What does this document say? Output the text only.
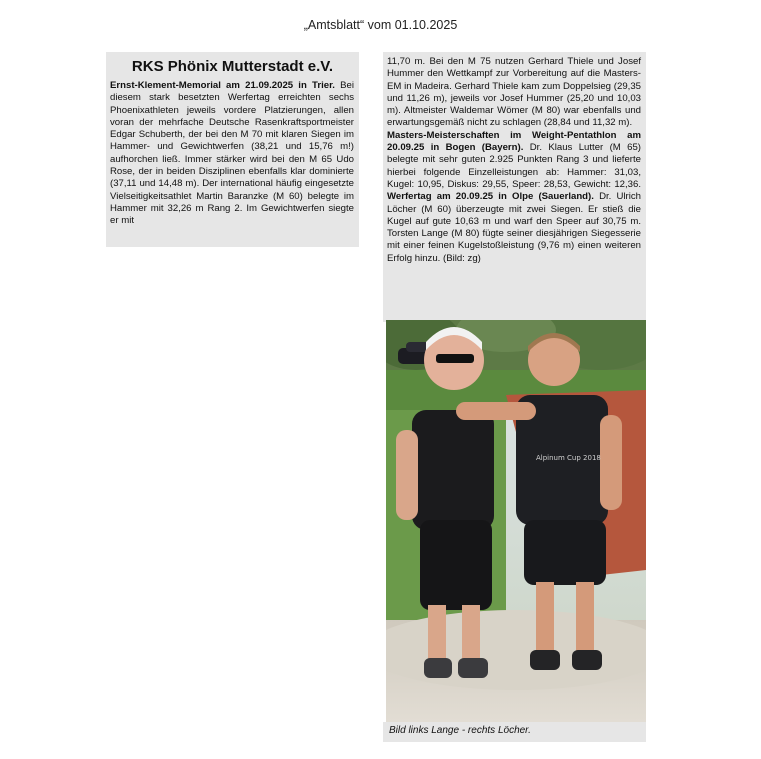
„Amtsblatt“ vom 01.10.2025
RKS Phönix Mutterstadt e.V.
Ernst-Klement-Memorial am 21.09.2025 in Trier. Bei diesem stark besetzten Werfertag erreichten sechs Phoenixathleten jeweils vordere Platzierungen, allen voran der mehrfache Deutsche Rasenkraftsportmeister Edgar Schuberth, der bei den M 70 mit klaren Siegen im Hammer- und Gewichtwerfen (38,21 und 15,76 m!) aufhorchen ließ. Immer stärker wird bei den M 65 Udo Rose, der in beiden Disziplinen ebenfalls klar dominierte (37,11 und 14,48 m). Der international häufig eingesetzte Vielseitigkeitsathlet Martin Baranzke (M 60) belegte im Hammer mit 32,26 m Rang 2. Im Gewichtwerfen siegte er mit
11,70 m. Bei den M 75 nutzen Gerhard Thiele und Josef Hummer den Wettkampf zur Vorbereitung auf die Masters-EM in Madeira. Gerhard Thiele kam zum Doppelsieg (29,35 und 11,26 m), jeweils vor Josef Hummer (25,20 und 10,03 m). Altmeister Waldemar Wömer (M 80) war ebenfalls und erwartungsgemäß nicht zu schlagen (28,84 und 11,32 m).
Masters-Meisterschaften im Weight-Pentathlon am 20.09.25 in Bogen (Bayern). Dr. Klaus Lutter (M 65) belegte mit sehr guten 2.925 Punkten Rang 3 und lieferte hierbei folgende Einzelleistungen ab: Hammer: 31,03, Kugel: 10,95, Diskus: 29,55, Speer: 28,53, Gewicht: 12,36. Werfertag am 20.09.25 in Olpe (Sauerland). Dr. Ulrich Löcher (M 60) überzeugte mit zwei Siegen. Er stieß die Kugel auf gute 10,63 m und warf den Speer auf 30,75 m. Torsten Lange (M 80) fügte seiner diesjährigen Siegesserie mit einer feinen Kugelstoßleistung (9,76 m) einen weiteren Erfolg hinzu. (Bild: zg)
Alpinum Cup 2018
Bild links Lange - rechts Löcher.
